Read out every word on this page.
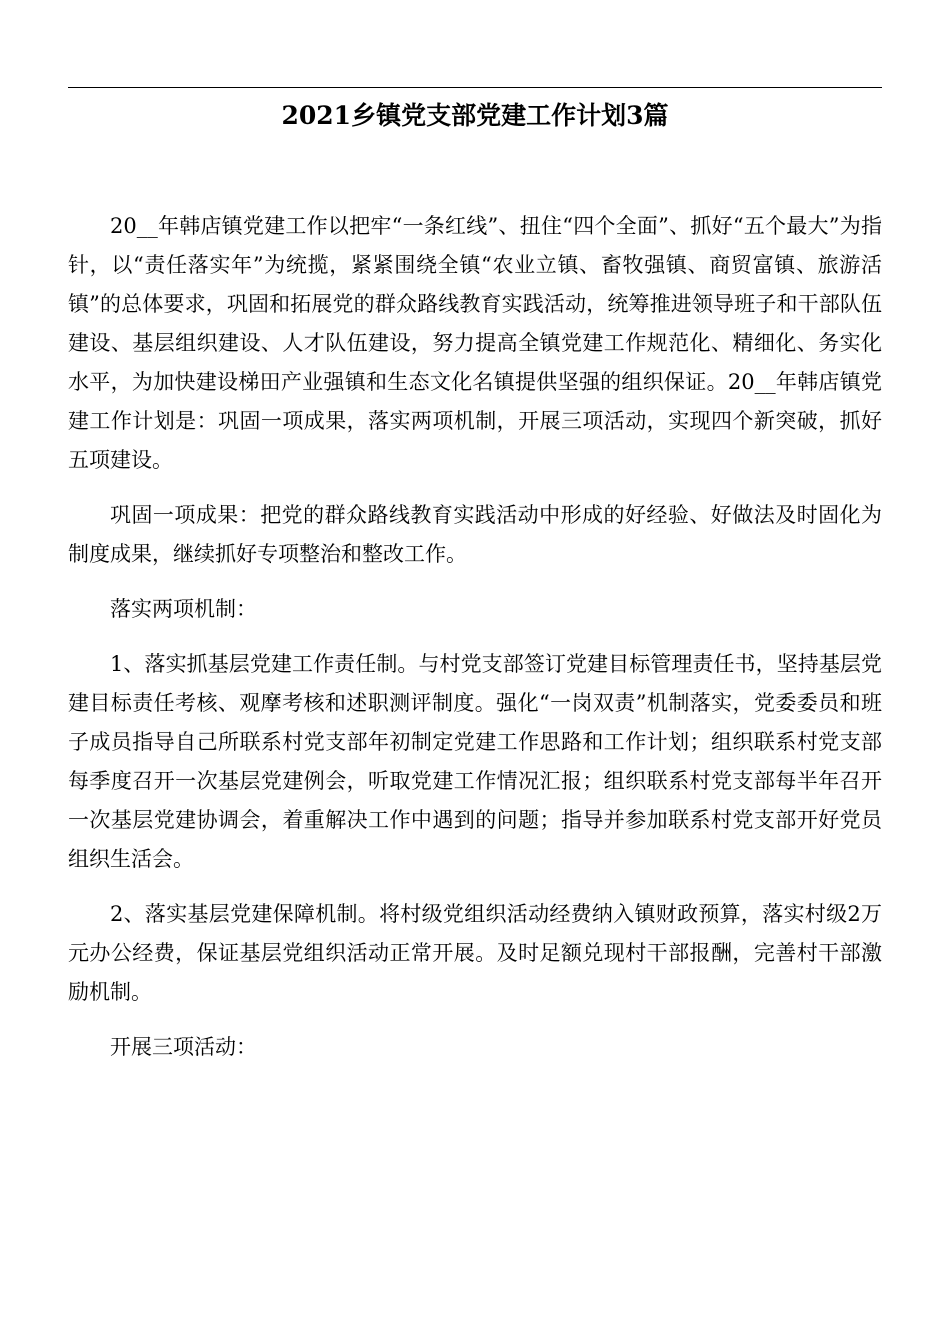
2021乡镇党支部党建工作计划3篇

20__年韩店镇党建工作以把牢“一条红线”、扭住“四个全面”、抓好“五个最大”为指针，以“责任落实年”为统揽，紧紧围绕全镇“农业立镇、畜牧强镇、商贸富镇、旅游活镇”的总体要求，巩固和拓展党的群众路线教育实践活动，统筹推进领导班子和干部队伍建设、基层组织建设、人才队伍建设，努力提高全镇党建工作规范化、精细化、务实化水平，为加快建设梯田产业强镇和生态文化名镇提供坚强的组织保证。20__年韩店镇党建工作计划是：巩固一项成果，落实两项机制，开展三项活动，实现四个新突破，抓好五项建设。

巩固一项成果：把党的群众路线教育实践活动中形成的好经验、好做法及时固化为制度成果，继续抓好专项整治和整改工作。

落实两项机制：

1、落实抓基层党建工作责任制。与村党支部签订党建目标管理责任书，坚持基层党建目标责任考核、观摩考核和述职测评制度。强化“一岗双责”机制落实，党委委员和班子成员指导自己所联系村党支部年初制定党建工作思路和工作计划；组织联系村党支部每季度召开一次基层党建例会，听取党建工作情况汇报；组织联系村党支部每半年召开一次基层党建协调会，着重解决工作中遇到的问题；指导并参加联系村党支部开好党员组织生活会。

2、落实基层党建保障机制。将村级党组织活动经费纳入镇财政预算，落实村级2万元办公经费，保证基层党组织活动正常开展。及时足额兑现村干部报酬，完善村干部激励机制。

开展三项活动：
